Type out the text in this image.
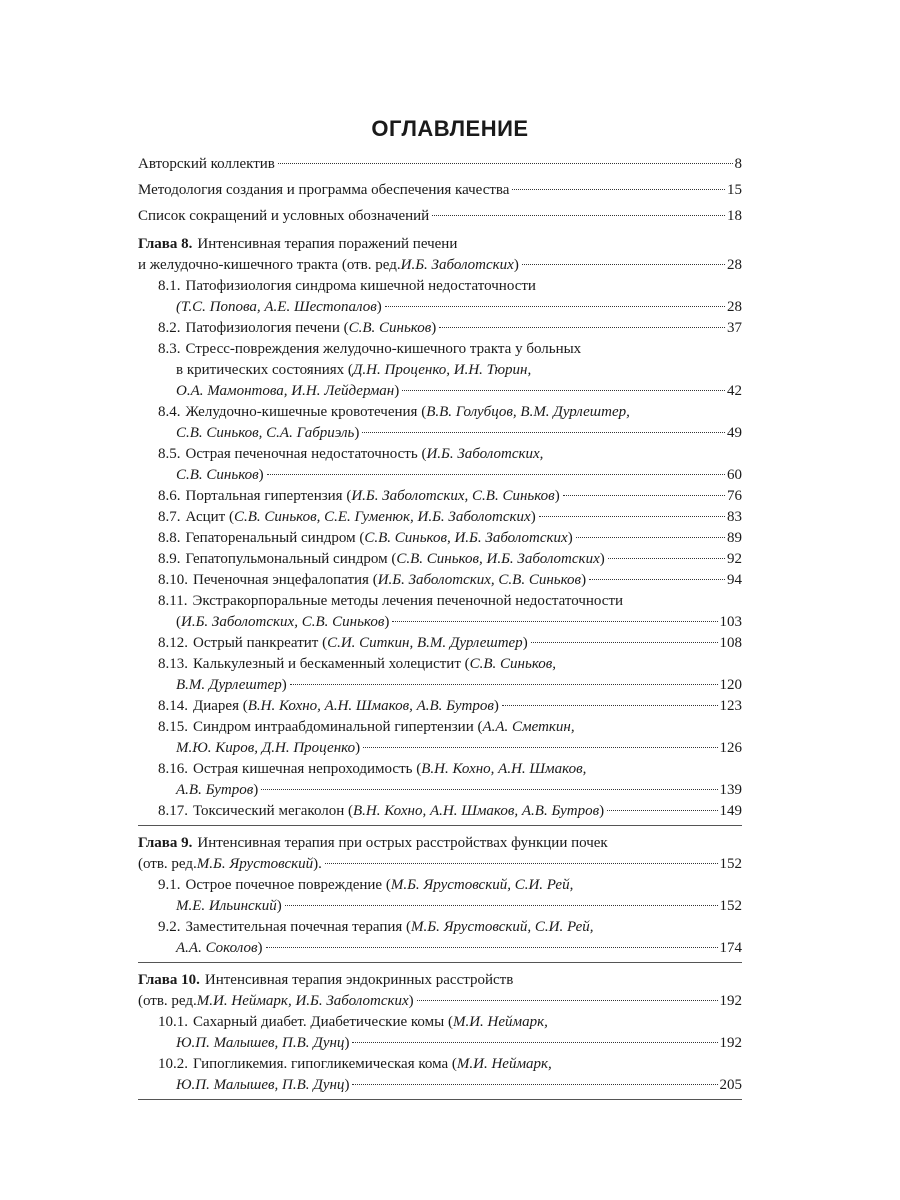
ОГЛАВЛЕНИЕ
Авторский коллектив	8
Методология создания и программа обеспечения качества	15
Список сокращений и условных обозначений	18
Глава 8. Интенсивная терапия поражений печени
и желудочно-кишечного тракта (отв. ред. И.Б. Заболотских )	28
8.1. Патофизиология синдрома кишечной недостаточности
(Т.С. Попова, А.Е. Шестопалов )	28
8.2. Патофизиология печени ( С.В. Синьков )	37
8.3. Стресс-повреждения желудочно-кишечного тракта у больных
в критических состояниях ( Д.Н. Проценко, И.Н. Тюрин,
О.А. Мамонтова, И.Н. Лейдерман )	42
8.4. Желудочно-кишечные кровотечения ( В.В. Голубцов, В.М. Дурлештер,
С.В. Синьков, С.А. Габриэль )	49
8.5. Острая печеночная недостаточность ( И.Б. Заболотских,
С.В. Синьков )	60
8.6. Портальная гипертензия ( И.Б. Заболотских, С.В. Синьков )	76
8.7. Асцит ( С.В. Синьков, С.Е. Гуменюк, И.Б. Заболотских )	83
8.8. Гепаторенальный синдром ( С.В. Синьков, И.Б. Заболотских )	89
8.9. Гепатопульмональный синдром ( С.В. Синьков, И.Б. Заболотских )	92
8.10. Печеночная энцефалопатия ( И.Б. Заболотских, С.В. Синьков )	94
8.11. Экстракорпоральные методы лечения печеночной недостаточности
( И.Б. Заболотских, С.В. Синьков )	103
8.12. Острый панкреатит ( С.И. Ситкин, В.М. Дурлештер )	108
8.13. Калькулезный и бескаменный холецистит ( С.В. Синьков,
В.М. Дурлештер )	120
8.14. Диарея ( В.Н. Кохно, А.Н. Шмаков, А.В. Бутров )	123
8.15. Синдром интраабдоминальной гипертензии ( А.А. Сметкин,
М.Ю. Киров, Д.Н. Проценко )	126
8.16. Острая кишечная непроходимость ( В.Н. Кохно, А.Н. Шмаков,
А.В. Бутров )	139
8.17. Токсический мегаколон ( В.Н. Кохно, А.Н. Шмаков, А.В. Бутров )	149
Глава 9. Интенсивная терапия при острых расстройствах функции почек
(отв. ред. М.Б. Ярустовский ).	152
9.1. Острое почечное повреждение ( М.Б. Ярустовский, С.И. Рей,
М.Е. Ильинский )	152
9.2. Заместительная почечная терапия ( М.Б. Ярустовский, С.И. Рей,
А.А. Соколов )	174
Глава 10. Интенсивная терапия эндокринных расстройств
(отв. ред. М.И. Неймарк, И.Б. Заболотских )	192
10.1. Сахарный диабет. Диабетические комы ( М.И. Неймарк,
Ю.П. Малышев, П.В. Дунц )	192
10.2. Гипогликемия. гипогликемическая кома ( М.И. Неймарк,
Ю.П. Малышев, П.В. Дунц )	205
